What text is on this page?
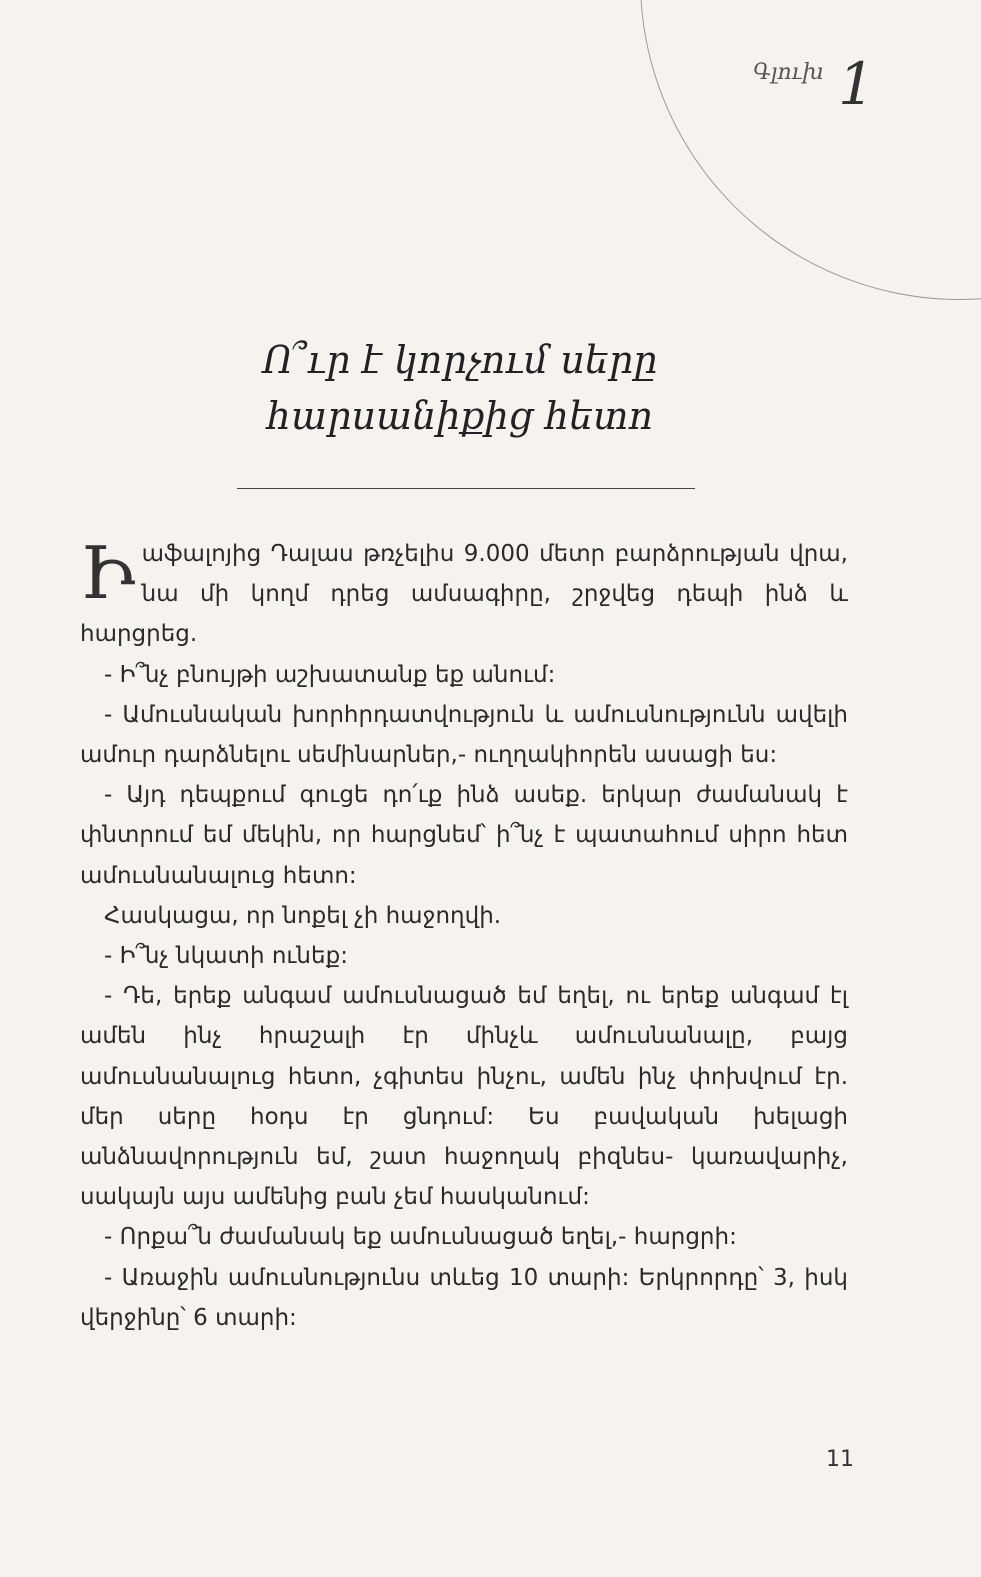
Գլուխ 1
Ո՞ւր է կորչում սերը
հարսանիքից հետո

Իաֆալոյից Դալաս թռչելիս 9.000 մետր բարձրության վրա, նա մի կողմ դրեց ամսագիրը, շրջվեց դեպի ինձ և հարցրեց.

- Ի՞նչ բնույթի աշխատանք եք անում:

- Ամուսնական խորհրդատվություն և ամուսնությունն ավելի ամուր դարձնելու սեմինարներ,- ուղղակիորեն ասացի ես:

- Այդ դեպքում գուցե դո՛ւք ինձ ասեք. երկար ժամանակ է փնտրում եմ մեկին, որ հարցնեմ՝ ի՞նչ է պատահում սիրո հետ ամուսնանալուց հետո:

Հասկացա, որ նոքել չի հաջողվի.

- Ի՞նչ նկատի ունեք:

- Դե, երեք անգամ ամուսնացած եմ եղել, ու երեք անգամ էլ ամեն ինչ հրաշալի էր մինչև ամուսնանալը, բայց ամուսնանալուց հետո, չգիտես ինչու, ամեն ինչ փոխվում էր. մեր սերը հօդս էր ցնդում: Ես բավական խելացի անձնավորություն եմ, շատ հաջողակ բիզնես- կառավարիչ, սակայն այս ամենից բան չեմ հասկանում:

- Որքա՞ն ժամանակ եք ամուսնացած եղել,- հարցրի:

- Առաջին ամուսնությունս տևեց 10 տարի: Երկրորդը՝ 3, իսկ վերջինը՝ 6 տարի:

11
